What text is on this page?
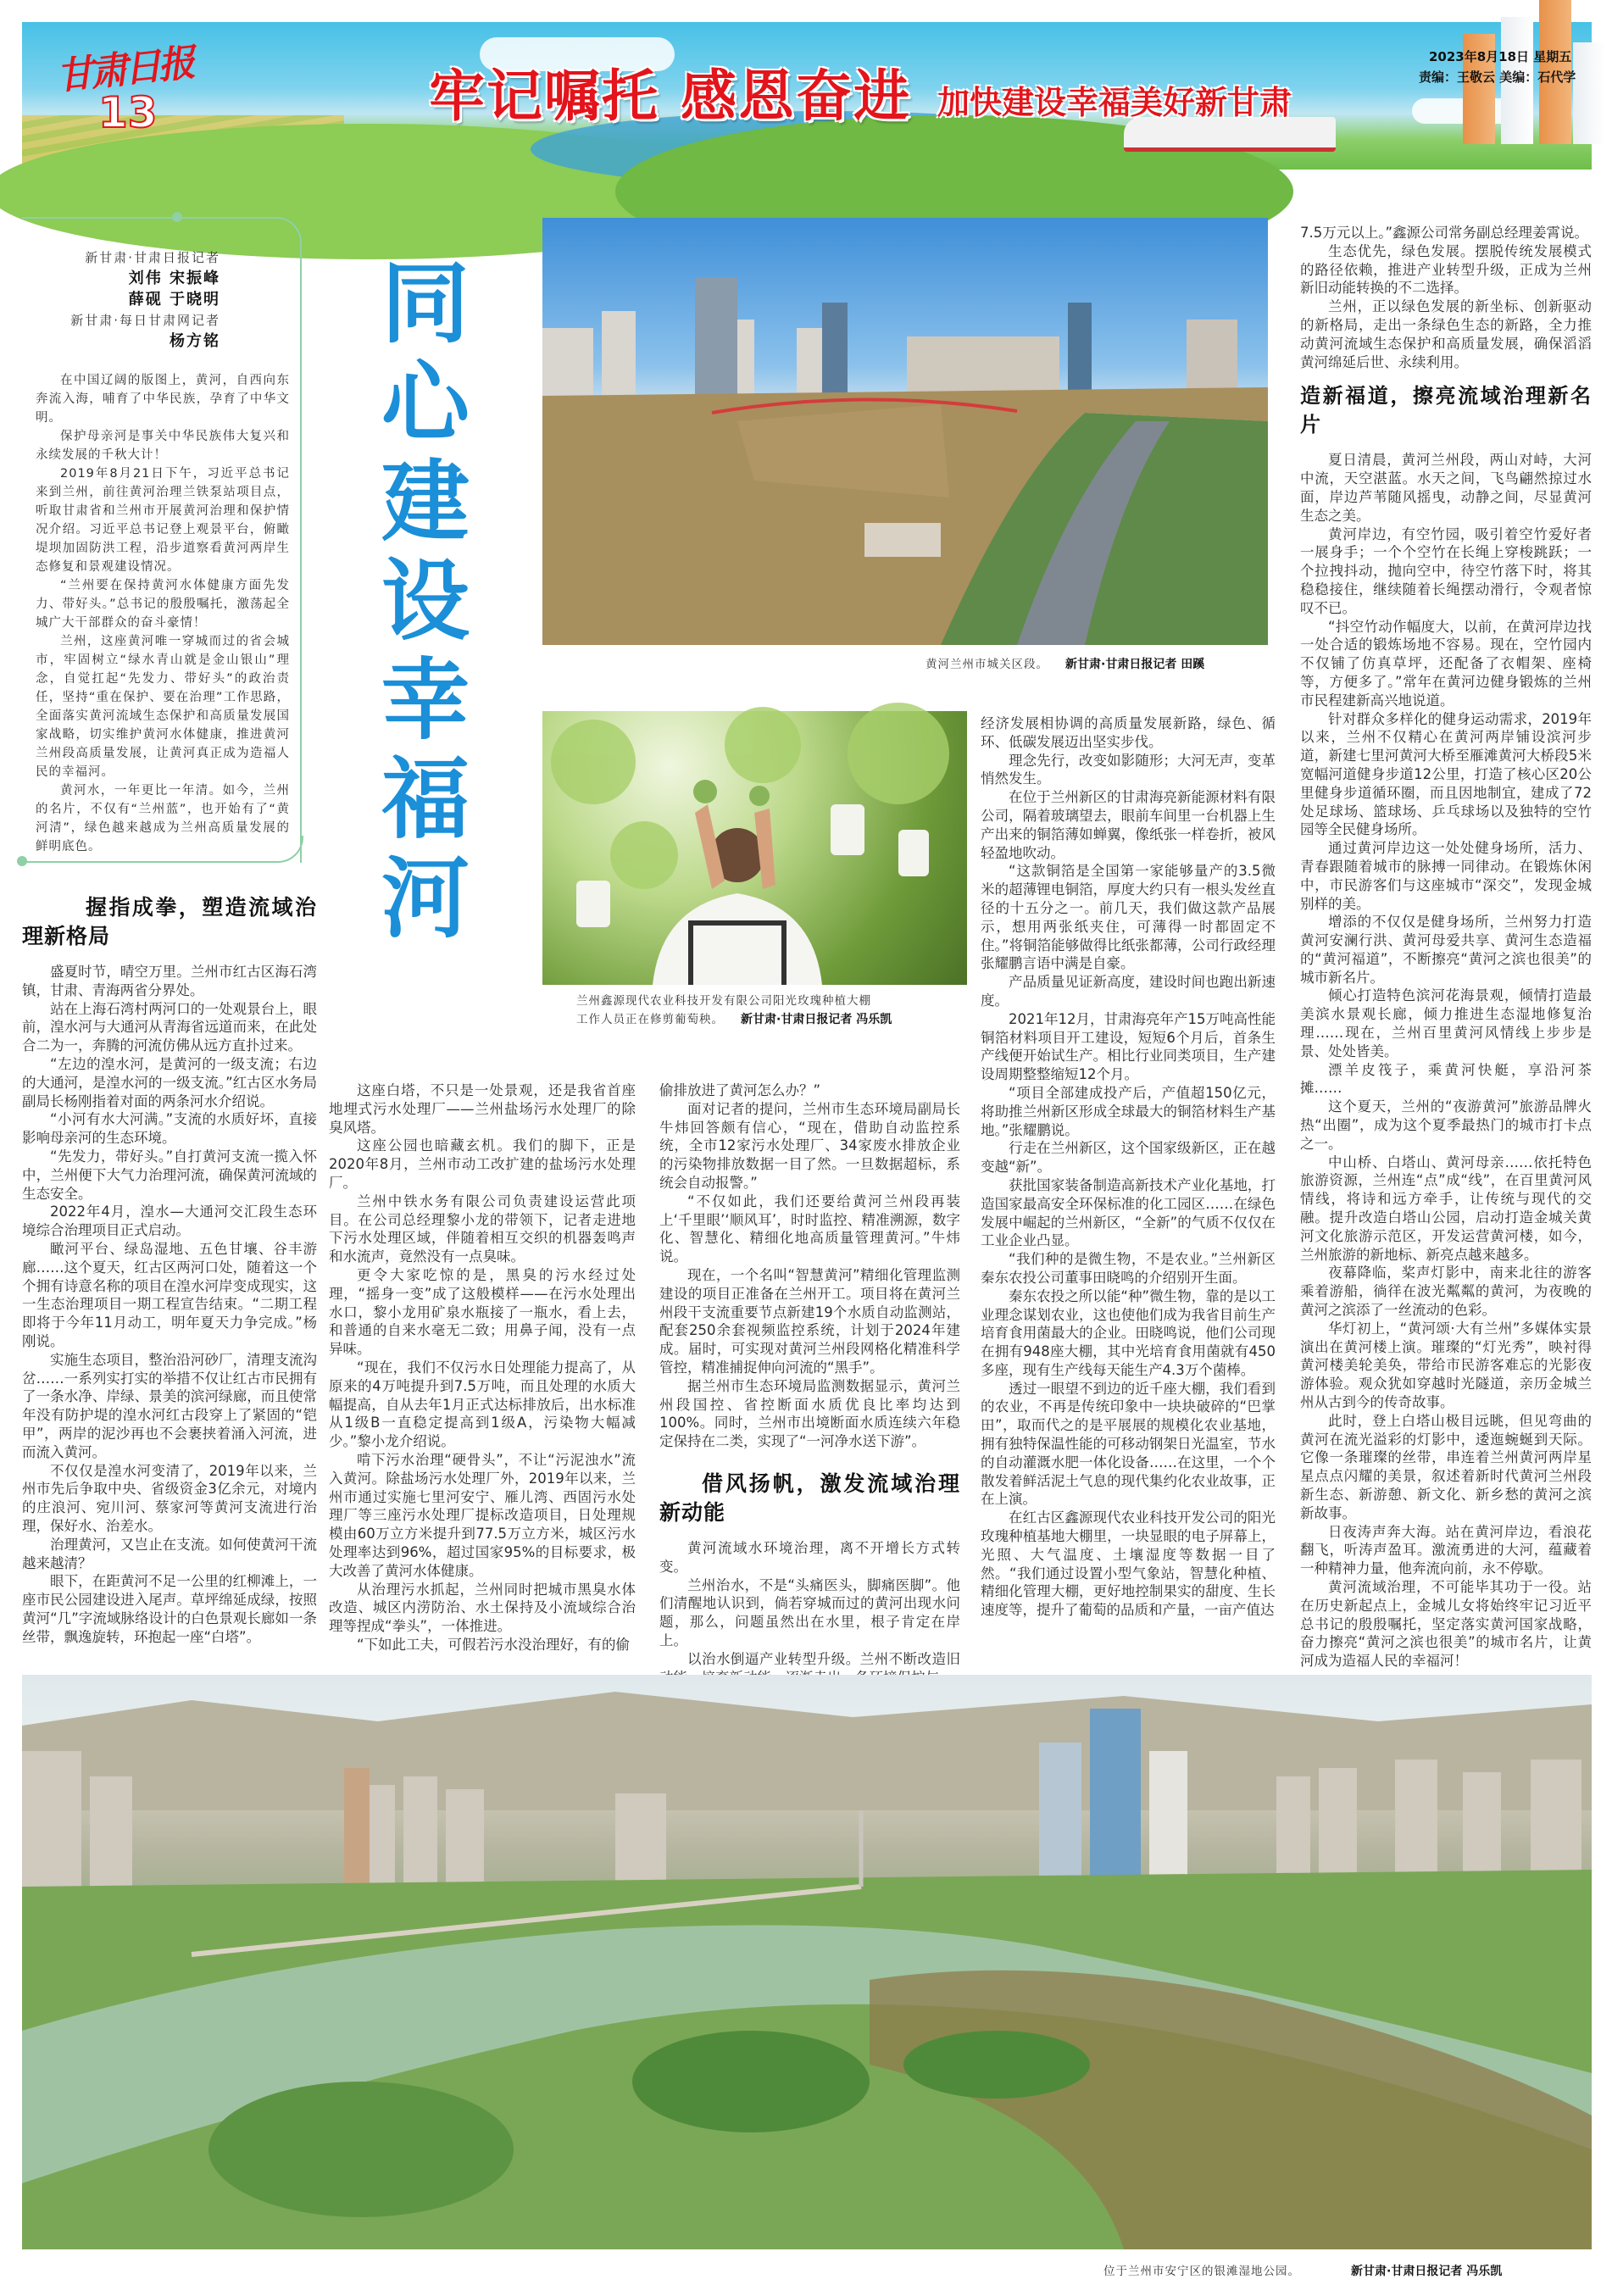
甘肃日报
13	牢记嘱托 感恩奋进 加快建设幸福美好新甘肃
2023年8月18日 星期五
责编：王敬云 美编：石代学
新甘肃·甘肃日报记者
刘伟 宋振峰
薛砚 于晓明
新甘肃·每日甘肃网记者
杨方铭

在中国辽阔的版图上，黄河，自西向东奔流入海，哺育了中华民族，孕育了中华文明。

保护母亲河是事关中华民族伟大复兴和永续发展的千秋大计！

2019年8月21日下午，习近平总书记来到兰州，前往黄河治理兰铁泵站项目点，听取甘肃省和兰州市开展黄河治理和保护情况介绍。习近平总书记登上观景平台，俯瞰堤坝加固防洪工程，沿步道察看黄河两岸生态修复和景观建设情况。

“兰州要在保持黄河水体健康方面先发力、带好头。”总书记的殷殷嘱托，激荡起全城广大干部群众的奋斗豪情！

兰州，这座黄河唯一穿城而过的省会城市，牢固树立“绿水青山就是金山银山”理念，自觉扛起“先发力、带好头”的政治责任，坚持“重在保护、要在治理”工作思路，全面落实黄河流域生态保护和高质量发展国家战略，切实维护黄河水体健康，推进黄河兰州段高质量发展，让黄河真正成为造福人民的幸福河。

黄河水，一年更比一年清。如今，兰州的名片，不仅有“兰州蓝”，也开始有了“黄河清”，绿色越来越成为兰州高质量发展的鲜明底色。

同心建设幸福河
黄河兰州市城关区段。 新甘肃·甘肃日报记者 田蹊
兰州鑫源现代农业科技开发有限公司阳光玫瑰种植大棚
工作人员正在修剪葡萄秧。 新甘肃·甘肃日报记者 冯乐凯
握指成拳，塑造流域治理新格局

盛夏时节，晴空万里。兰州市红古区海石湾镇，甘肃、青海两省分界处。

站在上海石湾村两河口的一处观景台上，眼前，湟水河与大通河从青海省远道而来，在此处合二为一，奔腾的河流仿佛从远方直扑过来。

“左边的湟水河，是黄河的一级支流；右边的大通河，是湟水河的一级支流。”红古区水务局副局长杨刚指着对面的两条河水介绍说。

“小河有水大河满。”支流的水质好坏，直接影响母亲河的生态环境。

“先发力，带好头。”自打黄河支流一揽入怀中，兰州便下大气力治理河流，确保黄河流域的生态安全。

2022年4月，湟水—大通河交汇段生态环境综合治理项目正式启动。

瞰河平台、绿岛湿地、五色甘壤、谷丰游廊……这个夏天，红古区两河口处，随着这一个个拥有诗意名称的项目在湟水河岸变成现实，这一生态治理项目一期工程宣告结束。“二期工程即将于今年11月动工，明年夏天力争完成。”杨刚说。

实施生态项目，整治沿河砂厂，清理支流沟岔……一系列实打实的举措不仅让红古市民拥有了一条水净、岸绿、景美的滨河绿廊，而且使常年没有防护堤的湟水河红古段穿上了紧固的“铠甲”，两岸的泥沙再也不会裹挟着涌入河流，进而流入黄河。

不仅仅是湟水河变清了，2019年以来，兰州市先后争取中央、省级资金3亿余元，对境内的庄浪河、宛川河、蔡家河等黄河支流进行治理，保好水、治差水。

治理黄河，又岂止在支流。如何使黄河干流越来越清？

眼下，在距黄河不足一公里的红柳滩上，一座市民公园建设进入尾声。草坪绵延成绿，按照黄河“几”字流域脉络设计的白色景观长廊如一条丝带，飘逸旋转，环抱起一座“白塔”。

这座白塔，不只是一处景观，还是我省首座地埋式污水处理厂——兰州盐场污水处理厂的除臭风塔。

这座公园也暗藏玄机。我们的脚下，正是2020年8月，兰州市动工改扩建的盐场污水处理厂。

兰州中铁水务有限公司负责建设运营此项目。在公司总经理黎小龙的带领下，记者走进地下污水处理区域，伴随着相互交织的机器轰鸣声和水流声，竟然没有一点臭味。

更令大家吃惊的是，黑臭的污水经过处理，“摇身一变”成了这般模样——在污水处理出水口，黎小龙用矿泉水瓶接了一瓶水，看上去，和普通的自来水毫无二致；用鼻子闻，没有一点异味。

“现在，我们不仅污水日处理能力提高了，从原来的4万吨提升到7.5万吨，而且处理的水质大幅提高，自从去年1月正式达标排放后，出水标准从1级B一直稳定提高到1级A，污染物大幅减少。”黎小龙介绍说。

啃下污水治理“硬骨头”，不让“污泥浊水”流入黄河。除盐场污水处理厂外，2019年以来，兰州市通过实施七里河安宁、雁儿湾、西固污水处理厂等三座污水处理厂提标改造项目，日处理规模由60万立方米提升到77.5万立方米，城区污水处理率达到96%，超过国家95%的目标要求，极大改善了黄河水体健康。

从治理污水抓起，兰州同时把城市黑臭水体改造、城区内涝防治、水土保持及小流域综合治理等捏成“拳头”，一体推进。

“下如此工夫，可假若污水没治理好，有的偷

偷排放进了黄河怎么办？”

面对记者的提问，兰州市生态环境局副局长牛炜回答颇有信心，“现在，借助自动监控系统，全市12家污水处理厂、34家废水排放企业的污染物排放数据一目了然。一旦数据超标，系统会自动报警。”

“不仅如此，我们还要给黄河兰州段再装上‘千里眼’‘顺风耳’，时时监控、精准溯源，数字化、智慧化、精细化地高质量管理黄河。”牛炜说。

现在，一个名叫“智慧黄河”精细化管理监测建设的项目正准备在兰州开工。项目将在黄河兰州段干支流重要节点新建19个水质自动监测站，配套250余套视频监控系统，计划于2024年建成。届时，可实现对黄河兰州段网格化精准科学管控，精准捕捉伸向河流的“黑手”。

据兰州市生态环境局监测数据显示，黄河兰州段国控、省控断面水质优良比率均达到100%。同时，兰州市出境断面水质连续六年稳定保持在二类，实现了“一河净水送下游”。

借风扬帆，激发流域治理新动能

黄河流域水环境治理，离不开增长方式转变。

兰州治水，不是“头痛医头，脚痛医脚”。他们清醒地认识到，倘若穿城而过的黄河出现水问题，那么，问题虽然出在水里，根子肯定在岸上。

以治水倒逼产业转型升级。兰州不断改造旧

经济发展相协调的高质量发展新路，绿色、循环、低碳发展迈出坚实步伐。

理念先行，改变如影随形；大河无声，变革悄然发生。

在位于兰州新区的甘肃海亮新能源材料有限公司，隔着玻璃望去，眼前车间里一台机器上生产出来的铜箔薄如蝉翼，像纸张一样卷折，被风轻盈地吹动。

“这款铜箔是全国第一家能够量产的3.5微米的超薄锂电铜箔，厚度大约只有一根头发丝直径的十五分之一。前几天，我们做这款产品展示，想用两张纸夹住，可薄得一时都固定不住。”将铜箔能够做得比纸张都薄，公司行政经理张耀鹏言语中满是自豪。

产品质量见证新高度，建设时间也跑出新速度。

2021年12月，甘肃海亮年产15万吨高性能铜箔材料项目开工建设，短短6个月后，首条生产线便开始试生产。相比行业同类项目，生产建设周期整整缩短12个月。

“项目全部建成投产后，产值超150亿元，将助推兰州新区形成全球最大的铜箔材料生产基地。”张耀鹏说。

行走在兰州新区，这个国家级新区，正在越变越“新”。

获批国家装备制造高新技术产业化基地，打造国家最高安全环保标准的化工园区……在绿色发展中崛起的兰州新区，“全新”的气质不仅仅在工业企业凸显。

“我们种的是微生物，不是农业。”兰州新区秦东农投公司董事田晓鸣的介绍别开生面。

秦东农投之所以能“种”微生物，靠的是以工业理念谋划农业，这也使他们成为我省目前生产培育食用菌最大的企业。田晓鸣说，他们公司现在拥有948座大棚，其中光培育食用菌就有450多座，现有生产线每天能生产4.3万个菌棒。

透过一眼望不到边的近千座大棚，我们看到的农业，不再是传统印象中一块块破碎的“巴掌田”，取而代之的是平展展的规模化农业基地，拥有独特保温性能的可移动钢架日光温室，节水的自动灌溉水肥一体化设备……在这里，一个个散发着鲜活泥土气息的现代集约化农业故事，正在上演。

在红古区鑫源现代农业科技开发公司的阳光玫瑰种植基地大棚里，一块显眼的电子屏幕上，光照、大气温度、土壤湿度等数据一目了然。“我们通过设置小型气象站，智慧化种植、精细化管理大棚，更好地控制果实的甜度、生长速度等，提升了葡萄的品质和产量，一亩产值达

7.5万元以上。”鑫源公司常务副总经理姜霄说。

生态优先，绿色发展。摆脱传统发展模式的路径依赖，推进产业转型升级，正成为兰州新旧动能转换的不二选择。

兰州，正以绿色发展的新坐标、创新驱动的新格局，走出一条绿色生态的新路，全力推动黄河流域生态保护和高质量发展，确保滔滔黄河绵延后世、永续利用。

造新福道，擦亮流域治理新名片

夏日清晨，黄河兰州段，两山对峙，大河中流，天空湛蓝。水天之间，飞鸟翩然掠过水面，岸边芦苇随风摇曳，动静之间，尽显黄河生态之美。

黄河岸边，有空竹园，吸引着空竹爱好者一展身手；一个个空竹在长绳上穿梭跳跃；一个拉拽抖动，抛向空中，待空竹落下时，将其稳稳接住，继续随着长绳摆动滑行，令观者惊叹不已。

“抖空竹动作幅度大，以前，在黄河岸边找一处合适的锻炼场地不容易。现在，空竹园内不仅铺了仿真草坪，还配备了衣帽架、座椅等，方便多了。”常年在黄河边健身锻炼的兰州市民程建新高兴地说道。

针对群众多样化的健身运动需求，2019年以来，兰州不仅精心在黄河两岸铺设滨河步道，新建七里河黄河大桥至雁滩黄河大桥段5米宽幅河道健身步道12公里，打造了核心区20公里健身步道循环圈，而且因地制宜，建成了72处足球场、篮球场、乒乓球场以及独特的空竹园等全民健身场所。

通过黄河岸边这一处处健身场所，活力、青春跟随着城市的脉搏一同律动。在锻炼休闲中，市民游客们与这座城市“深交”，发现金城别样的美。

增添的不仅仅是健身场所，兰州努力打造黄河安澜行洪、黄河母爱共享、黄河生态造福的“黄河福道”，不断擦亮“黄河之滨也很美”的城市新名片。

倾心打造特色滨河花海景观，倾情打造最美滨水景观长廊，倾力推进生态湿地修复治理……现在，兰州百里黄河风情线上步步是景、处处皆美。

漂羊皮筏子，乘黄河快艇，享沿河茶摊……

这个夏天，兰州的“夜游黄河”旅游品牌火热“出圈”，成为这个夏季最热门的城市打卡点之一。

中山桥、白塔山、黄河母亲……依托特色旅游资源，兰州连“点”成“线”，在百里黄河风情线，将诗和远方牵手，让传统与现代的交融。提升改造白塔山公园，启动打造金城关黄河文化旅游示范区，开发运营黄河楼，如今，兰州旅游的新地标、新亮点越来越多。

夜幕降临，桨声灯影中，南来北往的游客乘着游船，徜徉在波光粼粼的黄河，为夜晚的黄河之滨添了一丝流动的色彩。

华灯初上，“黄河颂·大有兰州”多媒体实景演出在黄河楼上演。璀璨的“灯光秀”，映衬得黄河楼美轮美奂，带给市民游客难忘的光影夜游体验。观众犹如穿越时光隧道，亲历金城兰州从古到今的传奇故事。

此时，登上白塔山极目远眺，但见弯曲的黄河在流光溢彩的灯影中，逶迤蜿蜒到天际。它像一条璀璨的丝带，串连着兰州黄河两岸星星点点闪耀的美景，叙述着新时代黄河兰州段新生态、新游憩、新文化、新乡愁的黄河之滨新故事。

日夜涛声奔大海。站在黄河岸边，看浪花翻飞，听涛声盈耳。激流勇进的大河，蕴藏着一种精神力量，他奔流向前，永不停歇。

黄河流域治理，不可能毕其功于一役。站在历史新起点上，金城儿女将始终牢记习近平总书记的殷殷嘱托，坚定落实黄河国家战略，奋力擦亮“黄河之滨也很美”的城市名片，让黄河成为造福人民的幸福河！

位于兰州市安宁区的银滩湿地公园。	新甘肃·甘肃日报记者 冯乐凯
